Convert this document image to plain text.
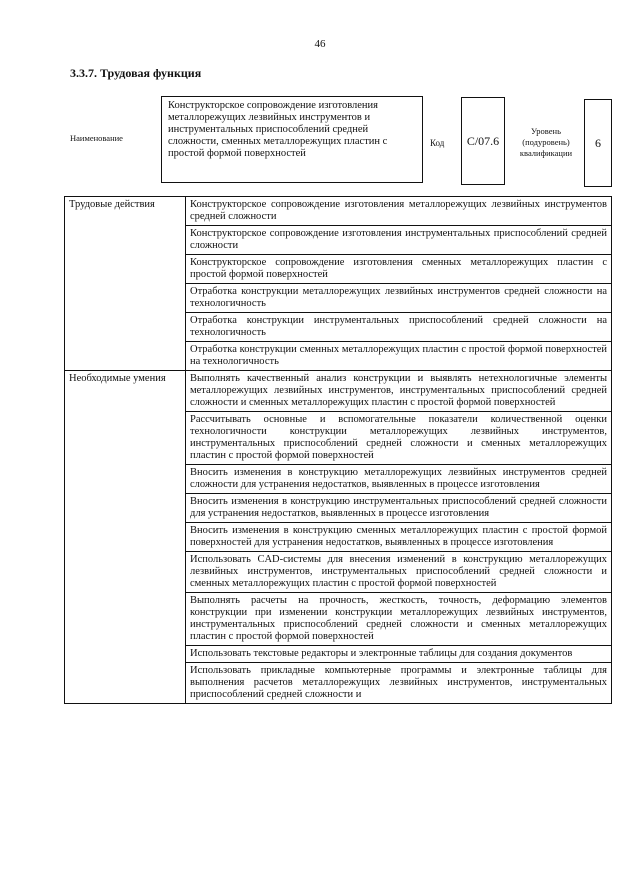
46
3.3.7. Трудовая функция
Наименование
Конструкторское сопровождение изготовления металлорежущих лезвийных инструментов и инструментальных приспособлений средней сложности, сменных металлорежущих пластин с простой формой поверхностей
Код C/07.6
Уровень (подуровень) квалификации
6
Трудовые действия	Конструкторское сопровождение изготовления металлорежущих лезвийных инструментов средней сложности
	Конструкторское сопровождение изготовления инструментальных приспособлений средней сложности
	Конструкторское сопровождение изготовления сменных металлорежущих пластин с простой формой поверхностей
	Отработка конструкции металлорежущих лезвийных инструментов средней сложности на технологичность
	Отработка конструкции инструментальных приспособлений средней сложности на технологичность
	Отработка конструкции сменных металлорежущих пластин с простой формой поверхностей на технологичность
Необходимые умения	Выполнять качественный анализ конструкции и выявлять нетехнологичные элементы металлорежущих лезвийных инструментов, инструментальных приспособлений средней сложности и сменных металлорежущих пластин с простой формой поверхностей
	Рассчитывать основные и вспомогательные показатели количественной оценки технологичности конструкции металлорежущих лезвийных инструментов, инструментальных приспособлений средней сложности и сменных металлорежущих пластин с простой формой поверхностей
	Вносить изменения в конструкцию металлорежущих лезвийных инструментов средней сложности для устранения недостатков, выявленных в процессе изготовления
	Вносить изменения в конструкцию инструментальных приспособлений средней сложности для устранения недостатков, выявленных в процессе изготовления
	Вносить изменения в конструкцию сменных металлорежущих пластин с простой формой поверхностей для устранения недостатков, выявленных в процессе изготовления
	Использовать CAD-системы для внесения изменений в конструкцию металлорежущих лезвийных инструментов, инструментальных приспособлений средней сложности и сменных металлорежущих пластин с простой формой поверхностей
	Выполнять расчеты на прочность, жесткость, точность, деформацию элементов конструкции при изменении конструкции металлорежущих лезвийных инструментов, инструментальных приспособлений средней сложности и сменных металлорежущих пластин с простой формой поверхностей
	Использовать текстовые редакторы и электронные таблицы для создания документов
	Использовать прикладные компьютерные программы и электронные таблицы для выполнения расчетов металлорежущих лезвийных инструментов, инструментальных приспособлений средней сложности и
